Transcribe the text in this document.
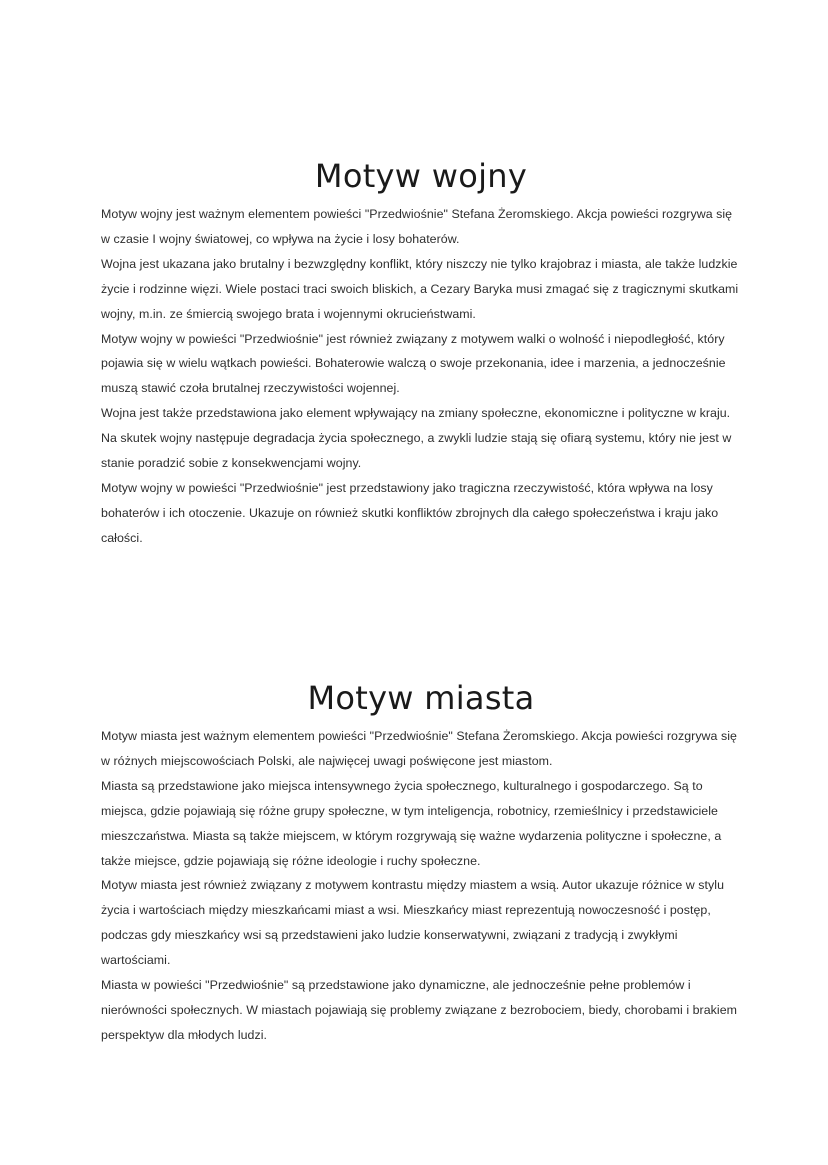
Motyw wojny

Motyw wojny jest ważnym elementem powieści "Przedwiośnie" Stefana Żeromskiego. Akcja powieści rozgrywa się w czasie I wojny światowej, co wpływa na życie i losy bohaterów.

Wojna jest ukazana jako brutalny i bezwzględny konflikt, który niszczy nie tylko krajobraz i miasta, ale także ludzkie życie i rodzinne więzi. Wiele postaci traci swoich bliskich, a Cezary Baryka musi zmagać się z tragicznymi skutkami wojny, m.in. ze śmiercią swojego brata i wojennymi okrucieństwami.

Motyw wojny w powieści "Przedwiośnie" jest również związany z motywem walki o wolność i niepodległość, który pojawia się w wielu wątkach powieści. Bohaterowie walczą o swoje przekonania, idee i marzenia, a jednocześnie muszą stawić czoła brutalnej rzeczywistości wojennej.

Wojna jest także przedstawiona jako element wpływający na zmiany społeczne, ekonomiczne i polityczne w kraju. Na skutek wojny następuje degradacja życia społecznego, a zwykli ludzie stają się ofiarą systemu, który nie jest w stanie poradzić sobie z konsekwencjami wojny.

Motyw wojny w powieści "Przedwiośnie" jest przedstawiony jako tragiczna rzeczywistość, która wpływa na losy bohaterów i ich otoczenie. Ukazuje on również skutki konfliktów zbrojnych dla całego społeczeństwa i kraju jako całości.

Motyw miasta

Motyw miasta jest ważnym elementem powieści "Przedwiośnie" Stefana Żeromskiego. Akcja powieści rozgrywa się w różnych miejscowościach Polski, ale najwięcej uwagi poświęcone jest miastom.

Miasta są przedstawione jako miejsca intensywnego życia społecznego, kulturalnego i gospodarczego. Są to miejsca, gdzie pojawiają się różne grupy społeczne, w tym inteligencja, robotnicy, rzemieślnicy i przedstawiciele mieszczaństwa. Miasta są także miejscem, w którym rozgrywają się ważne wydarzenia polityczne i społeczne, a także miejsce, gdzie pojawiają się różne ideologie i ruchy społeczne.

Motyw miasta jest również związany z motywem kontrastu między miastem a wsią. Autor ukazuje różnice w stylu życia i wartościach między mieszkańcami miast a wsi. Mieszkańcy miast reprezentują nowoczesność i postęp, podczas gdy mieszkańcy wsi są przedstawieni jako ludzie konserwatywni, związani z tradycją i zwykłymi wartościami.

Miasta w powieści "Przedwiośnie" są przedstawione jako dynamiczne, ale jednocześnie pełne problemów i nierówności społecznych. W miastach pojawiają się problemy związane z bezrobociem, biedy, chorobami i brakiem perspektyw dla młodych ludzi.
